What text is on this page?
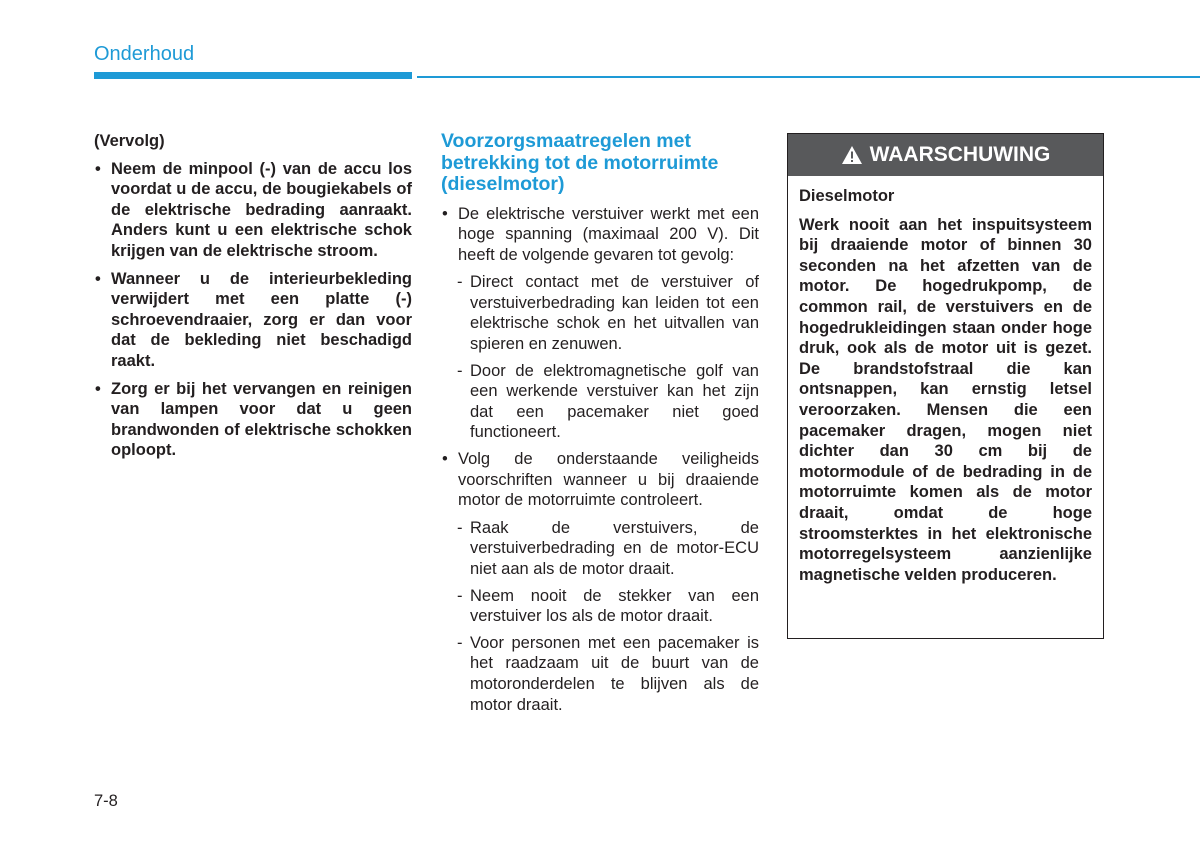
Onderhoud

(Vervolg)

• Neem de minpool (-) van de accu los voordat u de accu, de bougiekabels of de elektrische bedrading aanraakt. Anders kunt u een elektrische schok krijgen van de elektrische stroom.
• Wanneer u de interieurbekleding verwijdert met een platte (-) schroevendraaier, zorg er dan voor dat de bekleding niet beschadigd raakt.
• Zorg er bij het vervangen en reinigen van lampen voor dat u geen brandwonden of elektrische schokken oploopt.
Voorzorgsmaatregelen met betrekking tot de motorruimte (dieselmotor)

• De elektrische verstuiver werkt met een hoge spanning (maximaal 200 V). Dit heeft de volgende gevaren tot gevolg:

- Direct contact met de verstuiver of verstuiverbedrading kan leiden tot een elektrische schok en het uitvallen van spieren en zenuwen.

- Door de elektromagnetische golf van een werkende verstuiver kan het zijn dat een pacemaker niet goed functioneert.

• Volg de onderstaande veiligheids voorschriften wanneer u bij draaiende motor de motorruimte controleert.

- Raak de verstuivers, de verstuiverbedrading en de motor-ECU niet aan als de motor draait.

- Neem nooit de stekker van een verstuiver los als de motor draait.

- Voor personen met een pacemaker is het raadzaam uit de buurt van de motoronderdelen te blijven als de motor draait.

WAARSCHUWING

Dieselmotor

Werk nooit aan het inspuitsysteem bij draaiende motor of binnen 30 seconden na het afzetten van de motor. De hogedrukpomp, de common rail, de verstuivers en de hogedrukleidingen staan onder hoge druk, ook als de motor uit is gezet. De brandstofstraal die kan ontsnappen, kan ernstig letsel veroorzaken. Mensen die een pacemaker dragen, mogen niet dichter dan 30 cm bij de motormodule of de bedrading in de motorruimte komen als de motor draait, omdat de hoge stroomsterktes in het elektronische motorregelsysteem aanzienlijke magnetische velden produceren.

7-8
